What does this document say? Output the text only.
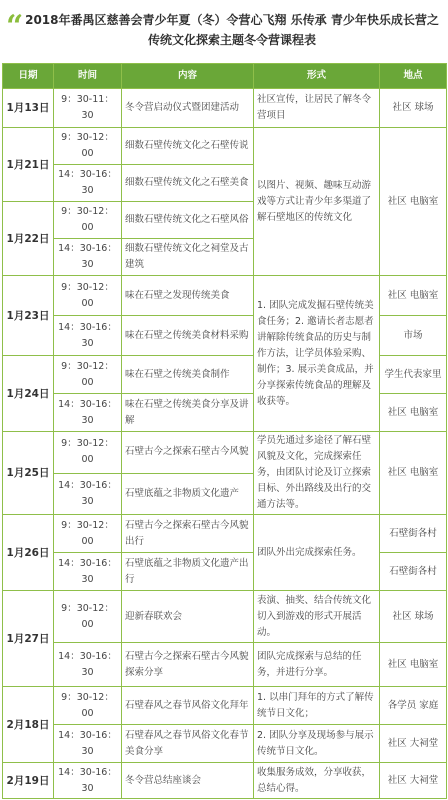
“ 2018年番禺区慈善会青少年夏（冬）令营心飞翔 乐传承 青少年快乐成长营之传统文化探索主题冬令营课程表
日期	时间	内容	形式	地点
1月13日	9：30-11：30	冬令营启动仪式暨团建活动	社区宣传，让居民了解冬令营项目	社区 球场
1月21日	9：30-12：00	细数石壁传统文化之石壁传说	以图片、视频、趣味互动游戏等方式让青少年多渠道了解石壁地区的传统文化	社区 电脑室
	14：30-16：30	细数石壁传统文化之石壁美食		
1月22日	9：30-12：00	细数石壁传统文化之石壁风俗		
	14：30-16：30	细数石壁传统文化之祠堂及古建筑		
1月23日	9：30-12：00	味在石壁之发现传统美食	1. 团队完成发掘石壁传统美食任务；2. 邀请长者志愿者讲解除传统食品的历史与制作方法，让学员体验采购、制作；3. 展示美食成品，并分享探索传统食品的理解及收获等。	社区 电脑室
	14：30-16：30	味在石壁之传统美食材料采购		市场
1月24日	9：30-12：00	味在石壁之传统美食制作		学生代表家里
	14：30-16：30	味在石壁之传统美食分享及讲解		社区 电脑室
1月25日	9：30-12：00	石壁古今之探索石壁古今风貌	学员先通过多途径了解石壁风貌及文化，完成探索任务，由团队讨论及订立探索目标、外出路线及出行的交通方法等。	社区 电脑室
	14：30-16：30	石壁底蕴之非物质文化遗产		
1月26日	9：30-12：00	石壁古今之探索石壁古今风貌出行	团队外出完成探索任务。	石壁街各村
	14：30-16：30	石壁底蕴之非物质文化遗产出行		石壁街各村
1月27日	9：30-12：00	迎新春联欢会	表演、抽奖、结合传统文化切入到游戏的形式开展活动。	社区 球场
	14：30-16：30	石壁古今之探索石壁古今风貌探索分享	团队完成探索与总结的任务，并进行分享。	社区 电脑室
2月18日	9：30-12：00	石壁春风之春节风俗文化拜年	1. 以串门拜年的方式了解传统节日文化；	各学员 家庭
	14：30-16：30	石壁春风之春节风俗文化春节美食分享	2. 团队分享及现场参与展示传统节日文化。	社区 大祠堂
2月19日	14：30-16：30	冬令营总结座谈会	收集服务成效，分享收获，总结心得。	社区 大祠堂
